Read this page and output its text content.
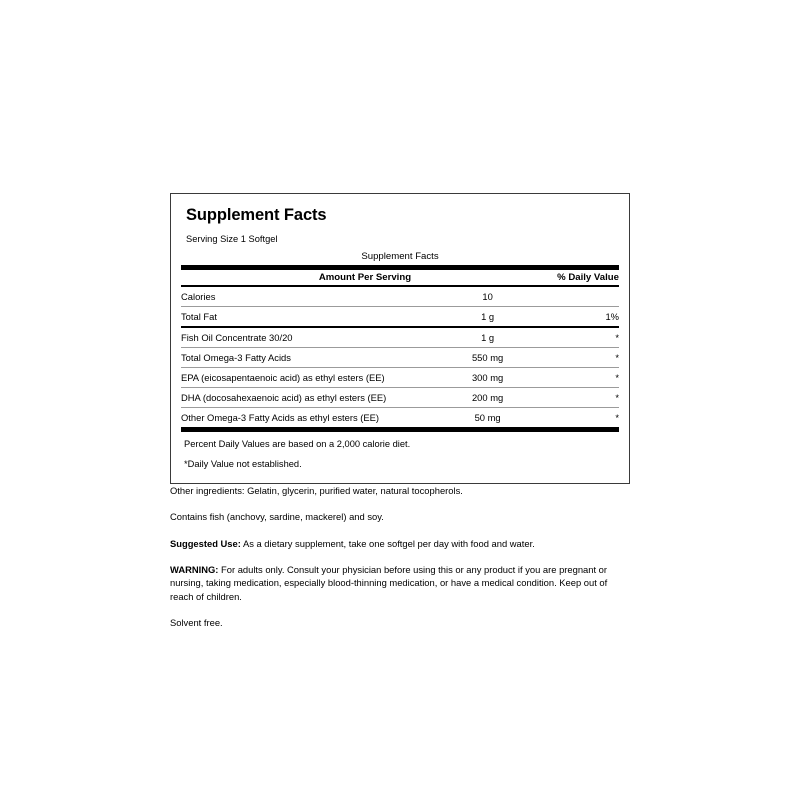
Supplement Facts
Serving Size 1 Softgel
Supplement Facts
Amount Per Serving		% Daily Value

Calories	10	

Total Fat	1 g	1%

Fish Oil Concentrate 30/20	1 g	*

Total Omega-3 Fatty Acids	550 mg	*

EPA (eicosapentaenoic acid) as ethyl esters (EE)	300 mg	*

DHA (docosahexaenoic acid) as ethyl esters (EE)	200 mg	*

Other Omega-3 Fatty Acids as ethyl esters (EE)	50 mg	*

Percent Daily Values are based on a 2,000 calorie diet.
*Daily Value not established.

Other ingredients: Gelatin, glycerin, purified water, natural tocopherols.

Contains fish (anchovy, sardine, mackerel) and soy.

Suggested Use: As a dietary supplement, take one softgel per day with food and water.

WARNING: For adults only. Consult your physician before using this or any product if you are pregnant or nursing, taking medication, especially blood-thinning medication, or have a medical condition. Keep out of reach of children.

Solvent free.
